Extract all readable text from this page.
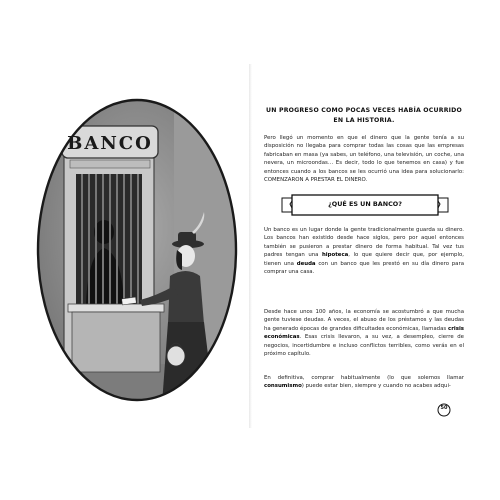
BANCO
UN PROGRESO COMO POCAS VECES HABÍA OCURRIDO
EN LA HISTORIA.

Pero llegó un momento en que el dinero que la gente tenía a su disposición no llegaba para comprar todas las cosas que las empresas fabricaban en masa (ya sabes, un teléfono, una televisión, un coche, una nevera, un microondas… Es decir, todo lo que tenemos en casa) y fue entonces cuando a los bancos se les ocurrió una idea para solucionarlo: COMENZARON A PRESTAR EL DINERO.

¿QUÉ ES UN BANCO?

Un banco es un lugar donde la gente tradicionalmente guarda su dinero. Los bancos han existido desde hace siglos, pero por aquel entonces también se pusieron a prestar dinero de forma habitual. Tal vez tus padres tengan una hipoteca, lo que quiere decir que, por ejemplo, tienen una deuda con un banco que les prestó en su día dinero para comprar una casa.

Desde hace unos 100 años, la economía se acostumbró a que mucha gente tuviese deudas. A veces, el abuso de los préstamos y las deudas ha generado épocas de grandes dificultades económicas, llamadas crisis económicas. Esas crisis llevaron, a su vez, a desempleo, cierre de negocios, incertidumbre e incluso conflictos terribles, como verás en el próximo capítulo.

En definitiva, comprar habitualmente (lo que solemos llamar consumismo) puede estar bien, siempre y cuando no acabes adqui-

50
